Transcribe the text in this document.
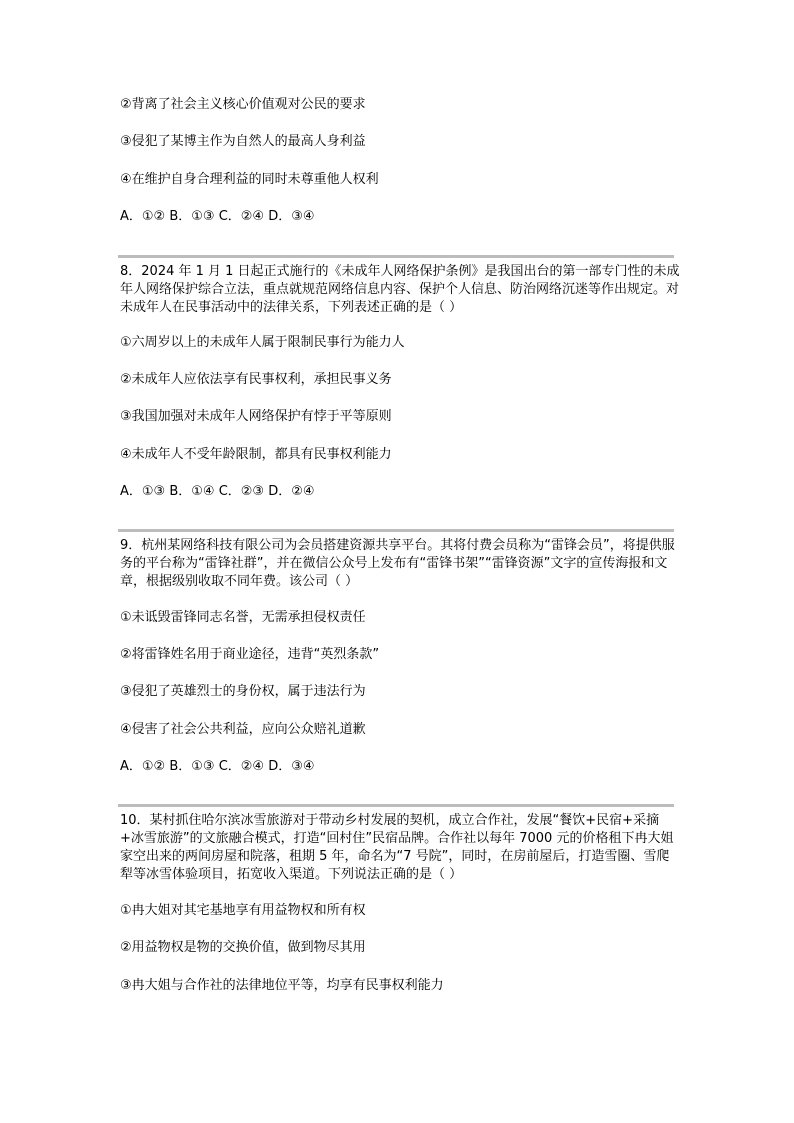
②背离了社会主义核心价值观对公民的要求
③侵犯了某博主作为自然人的最高人身利益
④在维护自身合理利益的同时未尊重他人权利
A．①② B．①③ C．②④ D．③④
8．2024 年 1 月 1 日起正式施行的《未成年人网络保护条例》是我国出台的第一部专门性的未成年人网络保护综合立法，重点就规范网络信息内容、保护个人信息、防治网络沉迷等作出规定。对未成年人在民事活动中的法律关系，下列表述正确的是（ ）
①六周岁以上的未成年人属于限制民事行为能力人
②未成年人应依法享有民事权利，承担民事义务
③我国加强对未成年人网络保护有悖于平等原则
④未成年人不受年龄限制，都具有民事权利能力
A．①③ B．①④ C．②③ D．②④
9．杭州某网络科技有限公司为会员搭建资源共享平台。其将付费会员称为“雷锋会员”，将提供服务的平台称为“雷锋社群”，并在微信公众号上发布有“雷锋书架”“雷锋资源”文字的宣传海报和文章，根据级别收取不同年费。该公司（ ）
①未诋毁雷锋同志名誉，无需承担侵权责任
②将雷锋姓名用于商业途径，违背“英烈条款”
③侵犯了英雄烈士的身份权，属于违法行为
④侵害了社会公共利益，应向公众赔礼道歉
A．①② B．①③ C．②④ D．③④
10．某村抓住哈尔滨冰雪旅游对于带动乡村发展的契机，成立合作社，发展“餐饮+民宿+采摘+冰雪旅游”的文旅融合模式，打造“回村住”民宿品牌。合作社以每年 7000 元的价格租下冉大姐家空出来的两间房屋和院落，租期 5 年，命名为“7 号院”，同时，在房前屋后，打造雪圈、雪爬犁等冰雪体验项目，拓宽收入渠道。下列说法正确的是（ ）
①冉大姐对其宅基地享有用益物权和所有权
②用益物权是物的交换价值，做到物尽其用
③冉大姐与合作社的法律地位平等，均享有民事权利能力
